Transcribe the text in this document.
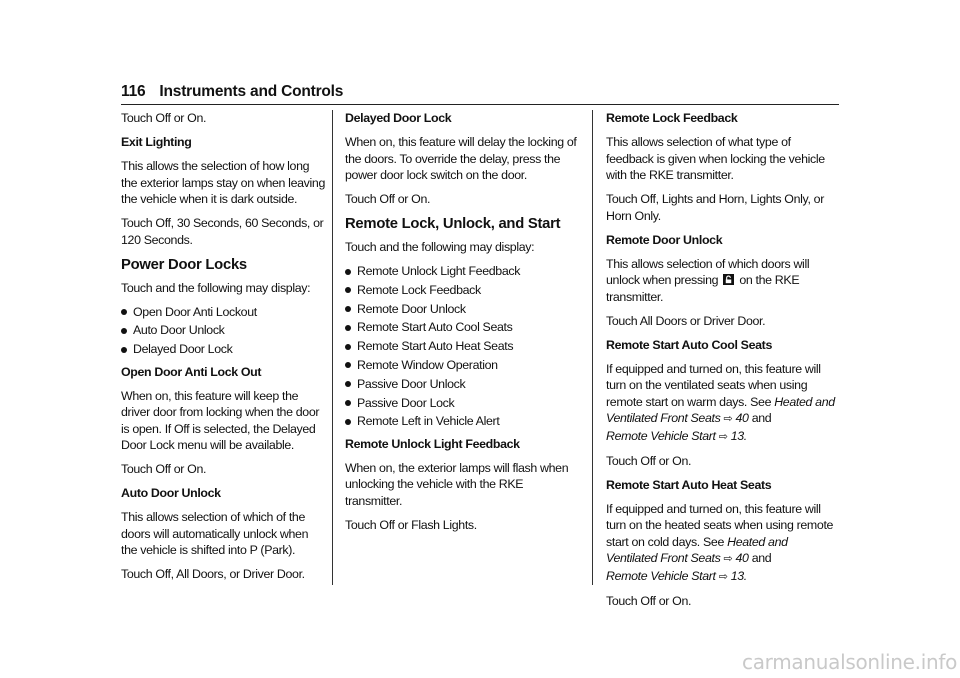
116 Instruments and Controls

Touch Off or On.

Exit Lighting

This allows the selection of how long the exterior lamps stay on when leaving the vehicle when it is dark outside.

Touch Off, 30 Seconds, 60 Seconds, or 120 Seconds.

Power Door Locks

Touch and the following may display:

Open Door Anti Lockout
Auto Door Unlock
Delayed Door Lock

Open Door Anti Lock Out

When on, this feature will keep the driver door from locking when the door is open. If Off is selected, the Delayed Door Lock menu will be available.

Touch Off or On.

Auto Door Unlock

This allows selection of which of the doors will automatically unlock when the vehicle is shifted into P (Park).

Touch Off, All Doors, or Driver Door.

Delayed Door Lock

When on, this feature will delay the locking of the doors. To override the delay, press the power door lock switch on the door.

Touch Off or On.

Remote Lock, Unlock, and Start

Touch and the following may display:

Remote Unlock Light Feedback
Remote Lock Feedback
Remote Door Unlock
Remote Start Auto Cool Seats
Remote Start Auto Heat Seats
Remote Window Operation
Passive Door Unlock
Passive Door Lock
Remote Left in Vehicle Alert

Remote Unlock Light Feedback

When on, the exterior lamps will flash when unlocking the vehicle with the RKE transmitter.

Touch Off or Flash Lights.

Remote Lock Feedback

This allows selection of what type of feedback is given when locking the vehicle with the RKE transmitter.

Touch Off, Lights and Horn, Lights Only, or Horn Only.

Remote Door Unlock

This allows selection of which doors will unlock when pressing on the RKE transmitter.

Touch All Doors or Driver Door.

Remote Start Auto Cool Seats

If equipped and turned on, this feature will turn on the ventilated seats when using remote start on warm days. See Heated and Ventilated Front Seats ⇨ 40 and
Remote Vehicle Start ⇨ 13.

Touch Off or On.

Remote Start Auto Heat Seats

If equipped and turned on, this feature will turn on the heated seats when using remote start on cold days. See Heated and Ventilated Front Seats ⇨ 40 and
Remote Vehicle Start ⇨ 13.

Touch Off or On.

carmanualsonline.info
